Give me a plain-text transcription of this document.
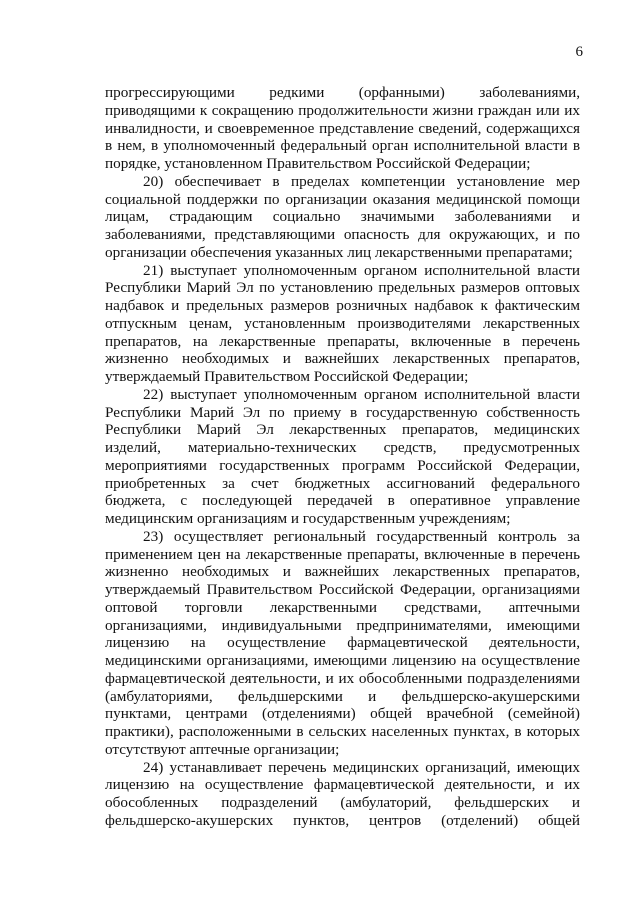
6

прогрессирующими редкими (орфанными) заболеваниями, приводящими к сокращению продолжительности жизни граждан или их инвалидности, и своевременное представление сведений, содержащихся в нем, в уполномоченный федеральный орган исполнительной власти в порядке, установленном Правительством Российской Федерации;

20) обеспечивает в пределах компетенции установление мер социальной поддержки по организации оказания медицинской помощи лицам, страдающим социально значимыми заболеваниями и заболеваниями, представляющими опасность для окружающих, и по организации обеспечения указанных лиц лекарственными препаратами;

21) выступает уполномоченным органом исполнительной власти Республики Марий Эл по установлению предельных размеров оптовых надбавок и предельных размеров розничных надбавок к фактическим отпускным ценам, установленным производителями лекарственных препаратов, на лекарственные препараты, включенные в перечень жизненно необходимых и важнейших лекарственных препаратов, утверждаемый Правительством Российской Федерации;

22) выступает уполномоченным органом исполнительной власти Республики Марий Эл по приему в государственную собственность Республики Марий Эл лекарственных препаратов, медицинских изделий, материально-технических средств, предусмотренных мероприятиями государственных программ Российской Федерации, приобретенных за счет бюджетных ассигнований федерального бюджета, с последующей передачей в оперативное управление медицинским организациям и государственным учреждениям;

23) осуществляет региональный государственный контроль за применением цен на лекарственные препараты, включенные в перечень жизненно необходимых и важнейших лекарственных препаратов, утверждаемый Правительством Российской Федерации, организациями оптовой торговли лекарственными средствами, аптечными организациями, индивидуальными предпринимателями, имеющими лицензию на осуществление фармацевтической деятельности, медицинскими организациями, имеющими лицензию на осуществление фармацевтической деятельности, и их обособленными подразделениями (амбулаториями, фельдшерскими и фельдшерско-акушерскими пунктами, центрами (отделениями) общей врачебной (семейной) практики), расположенными в сельских населенных пунктах, в которых отсутствуют аптечные организации;

24) устанавливает перечень медицинских организаций, имеющих лицензию на осуществление фармацевтической деятельности, и их обособленных подразделений (амбулаторий, фельдшерских и фельдшерско-акушерских пунктов, центров (отделений) общей
